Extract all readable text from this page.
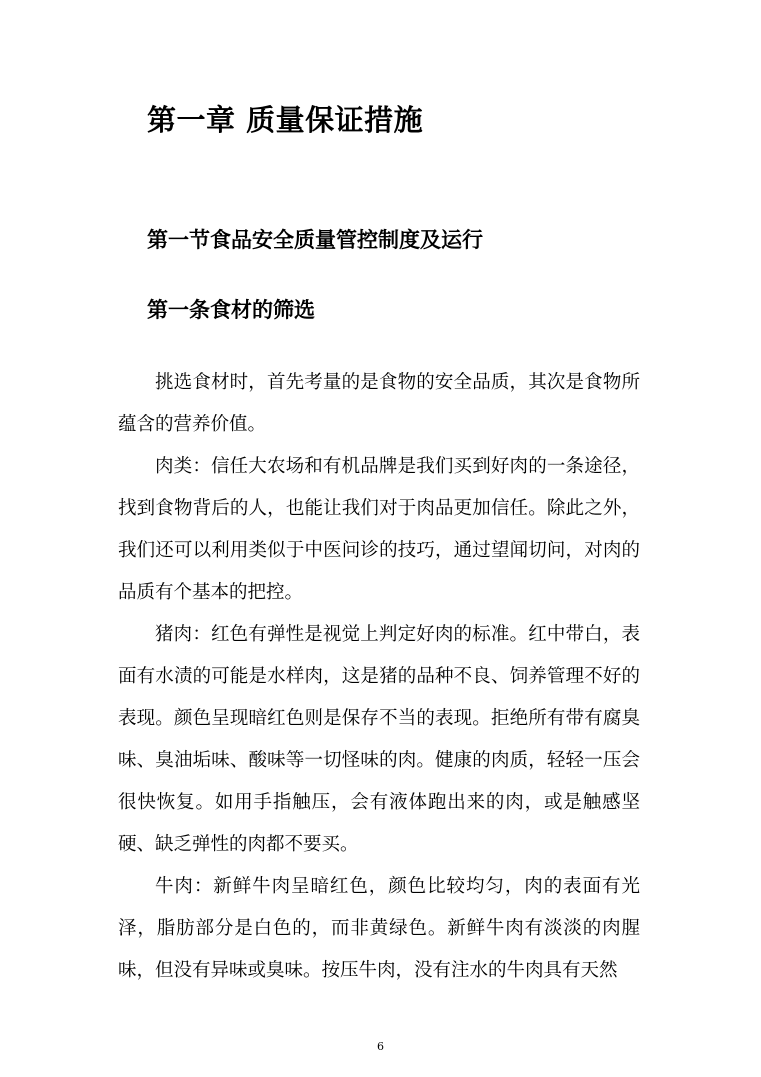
第一章 质量保证措施
第一节食品安全质量管控制度及运行
第一条食材的筛选

挑选食材时，首先考量的是食物的安全品质，其次是食物所蕴含的营养价值。

肉类：信任大农场和有机品牌是我们买到好肉的一条途径，找到食物背后的人，也能让我们对于肉品更加信任。除此之外，我们还可以利用类似于中医问诊的技巧，通过望闻切问，对肉的品质有个基本的把控。

猪肉：红色有弹性是视觉上判定好肉的标准。红中带白，表面有水渍的可能是水样肉，这是猪的品种不良、饲养管理不好的表现。颜色呈现暗红色则是保存不当的表现。拒绝所有带有腐臭味、臭油垢味、酸味等一切怪味的肉。健康的肉质，轻轻一压会很快恢复。如用手指触压，会有液体跑出来的肉，或是触感坚硬、缺乏弹性的肉都不要买。

牛肉：新鲜牛肉呈暗红色，颜色比较均匀，肉的表面有光泽，脂肪部分是白色的，而非黄绿色。新鲜牛肉有淡淡的肉腥味，但没有异味或臭味。按压牛肉，没有注水的牛肉具有天然

6
